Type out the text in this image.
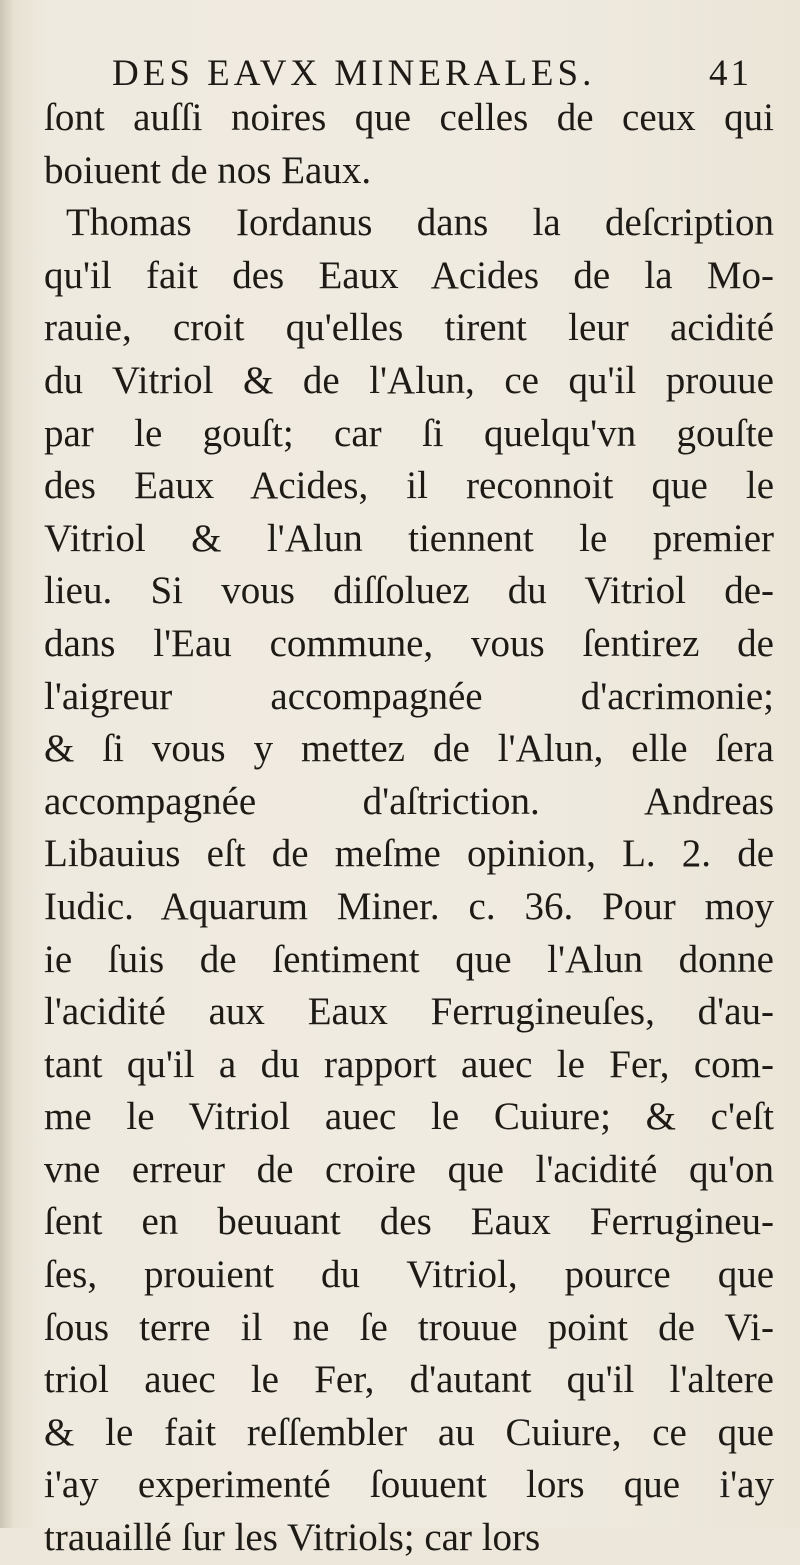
DES EAVX MINERALES.	41
ſont auſſi noires que celles de ceux qui
boiuent de nos Eaux.
Thomas Iordanus dans la deſcription
qu'il fait des Eaux Acides de la Mo-
rauie, croit qu'elles tirent leur acidité
du Vitriol & de l'Alun, ce qu'il prouue
par le gouſt; car ſi quelqu'vn gouſte
des Eaux Acides, il reconnoit que le
Vitriol & l'Alun tiennent le premier
lieu. Si vous diſſoluez du Vitriol de-
dans l'Eau commune, vous ſentirez de
l'aigreur accompagnée d'acrimonie;
& ſi vous y mettez de l'Alun, elle ſera
accompagnée d'aſtriction. Andreas
Libauius eſt de meſme opinion, L. 2. de
Iudic. Aquarum Miner. c. 36. Pour moy
ie ſuis de ſentiment que l'Alun donne
l'acidité aux Eaux Ferrugineuſes, d'au-
tant qu'il a du rapport auec le Fer, com-
me le Vitriol auec le Cuiure; & c'eſt
vne erreur de croire que l'acidité qu'on
ſent en beuuant des Eaux Ferrugineu-
ſes, prouient du Vitriol, pource que
ſous terre il ne ſe trouue point de Vi-
triol auec le Fer, d'autant qu'il l'altere
& le fait reſſembler au Cuiure, ce que
i'ay experimenté ſouuent lors que i'ay
trauaillé ſur les Vitriols; car lors
